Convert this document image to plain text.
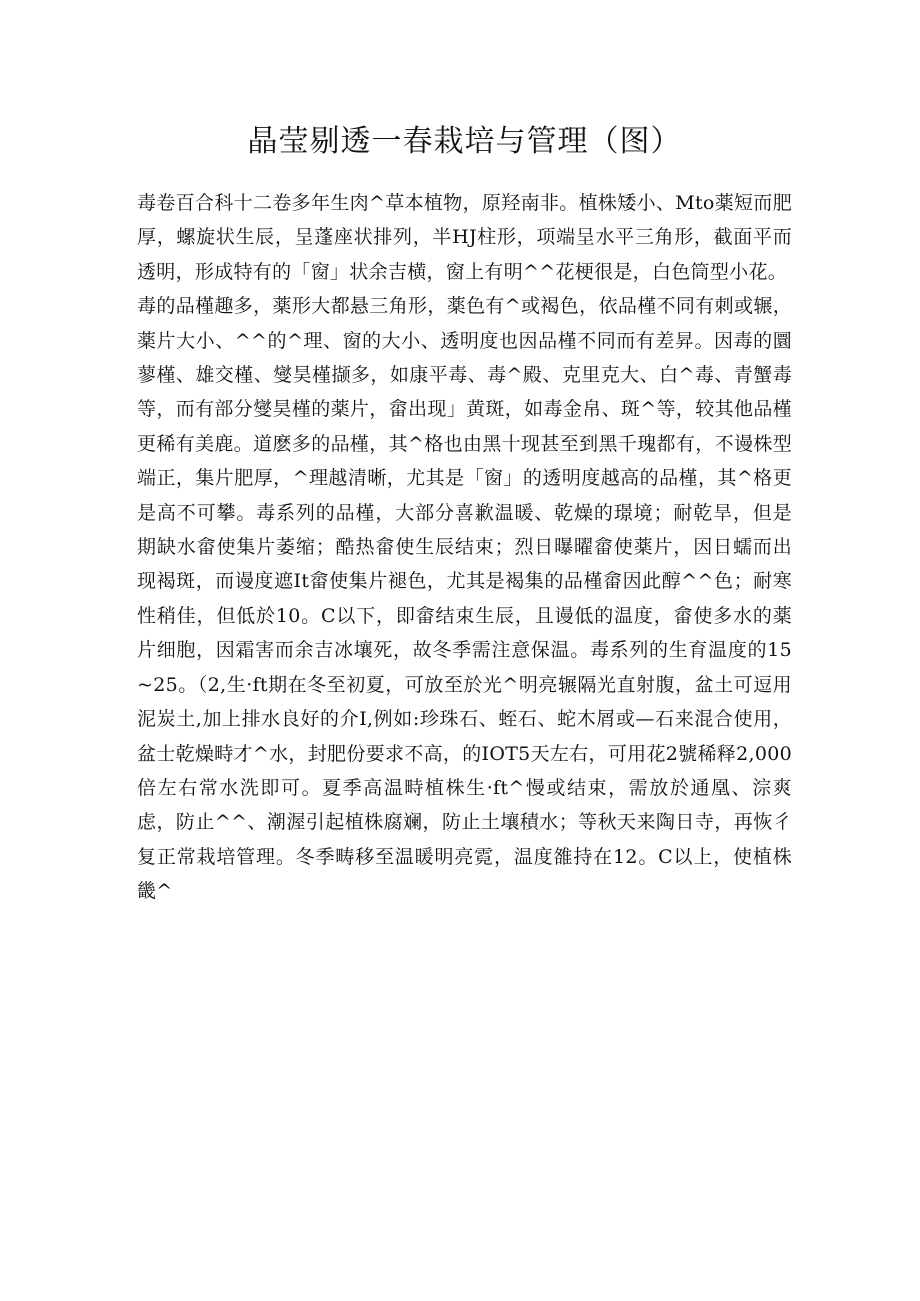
晶莹剔透一春栽培与管理（图）

毒卷百合科十二卷多年生肉^草本植物，原羟南非。植株矮小、Mto薬短而肥厚，螺旋状生辰，呈蓬座状排列，半HJ柱形，项端呈水平三角形，截面平而透明，形成特有的「窗」状余吉横，窗上有明^^花梗很是，白色筒型小花。

毒的品槿趣多，薬形大都悬三角形，薬色有^或褐色，依品槿不同有刺或辗，薬片大小、^^的^理、窗的大小、透明度也因品槿不同而有差昇。因毒的圜蓼槿、雄交槿、燮昊槿撷多，如康平毒、毒^殿、克里克大、白^毒、青蟹毒等，而有部分燮昊槿的薬片，畲出现」黄斑，如毒金帛、斑^等，较其他品槿更稀有美鹿。道麽多的品槿，其^格也由黑十现甚至到黑千瑰都有，不谩株型端正，集片肥厚，^理越清晰，尤其是「窗」的透明度越高的品槿，其^格更是高不可攀。毒系列的品槿，大部分喜歉温暖、乾燥的璟境；耐乾旱，但是期缺水畲使集片萎缩；酷热畲使生辰结束；烈日曝曜畲使薬片，因日蠕而出现褐斑，而谩度遮It畲使集片褪色，尤其是褐集的品槿畲因此醇^^色；耐寒性稍佳，但低於10。C以下，即畲结束生辰，且谩低的温度，畲使多水的薬片细胞，因霜害而余吉冰壤死，故冬季需注意保温。毒系列的生育温度的15~25。（2,生·ft期在冬至初夏，可放至於光^明亮辗隔光直射腹，盆土可逗用泥炭土,加上排水良好的介I,例如:珍珠石、蛭石、蛇木屑或—石来混合使用，盆士乾燥畤才^水，封肥份要求不高，的IOT5天左右，可用花2號稀释2,000倍左右常水洗即可。夏季高温畤植株生·ft^慢或结束，需放於通凰、淙爽虑，防止^^、潮渥引起植株腐斓，防止土壤積水；等秋天来陶日寺，再恢彳复正常栽培管理。冬季畴移至温暖明亮霓，温度雒持在12。C以上，使植株畿^
